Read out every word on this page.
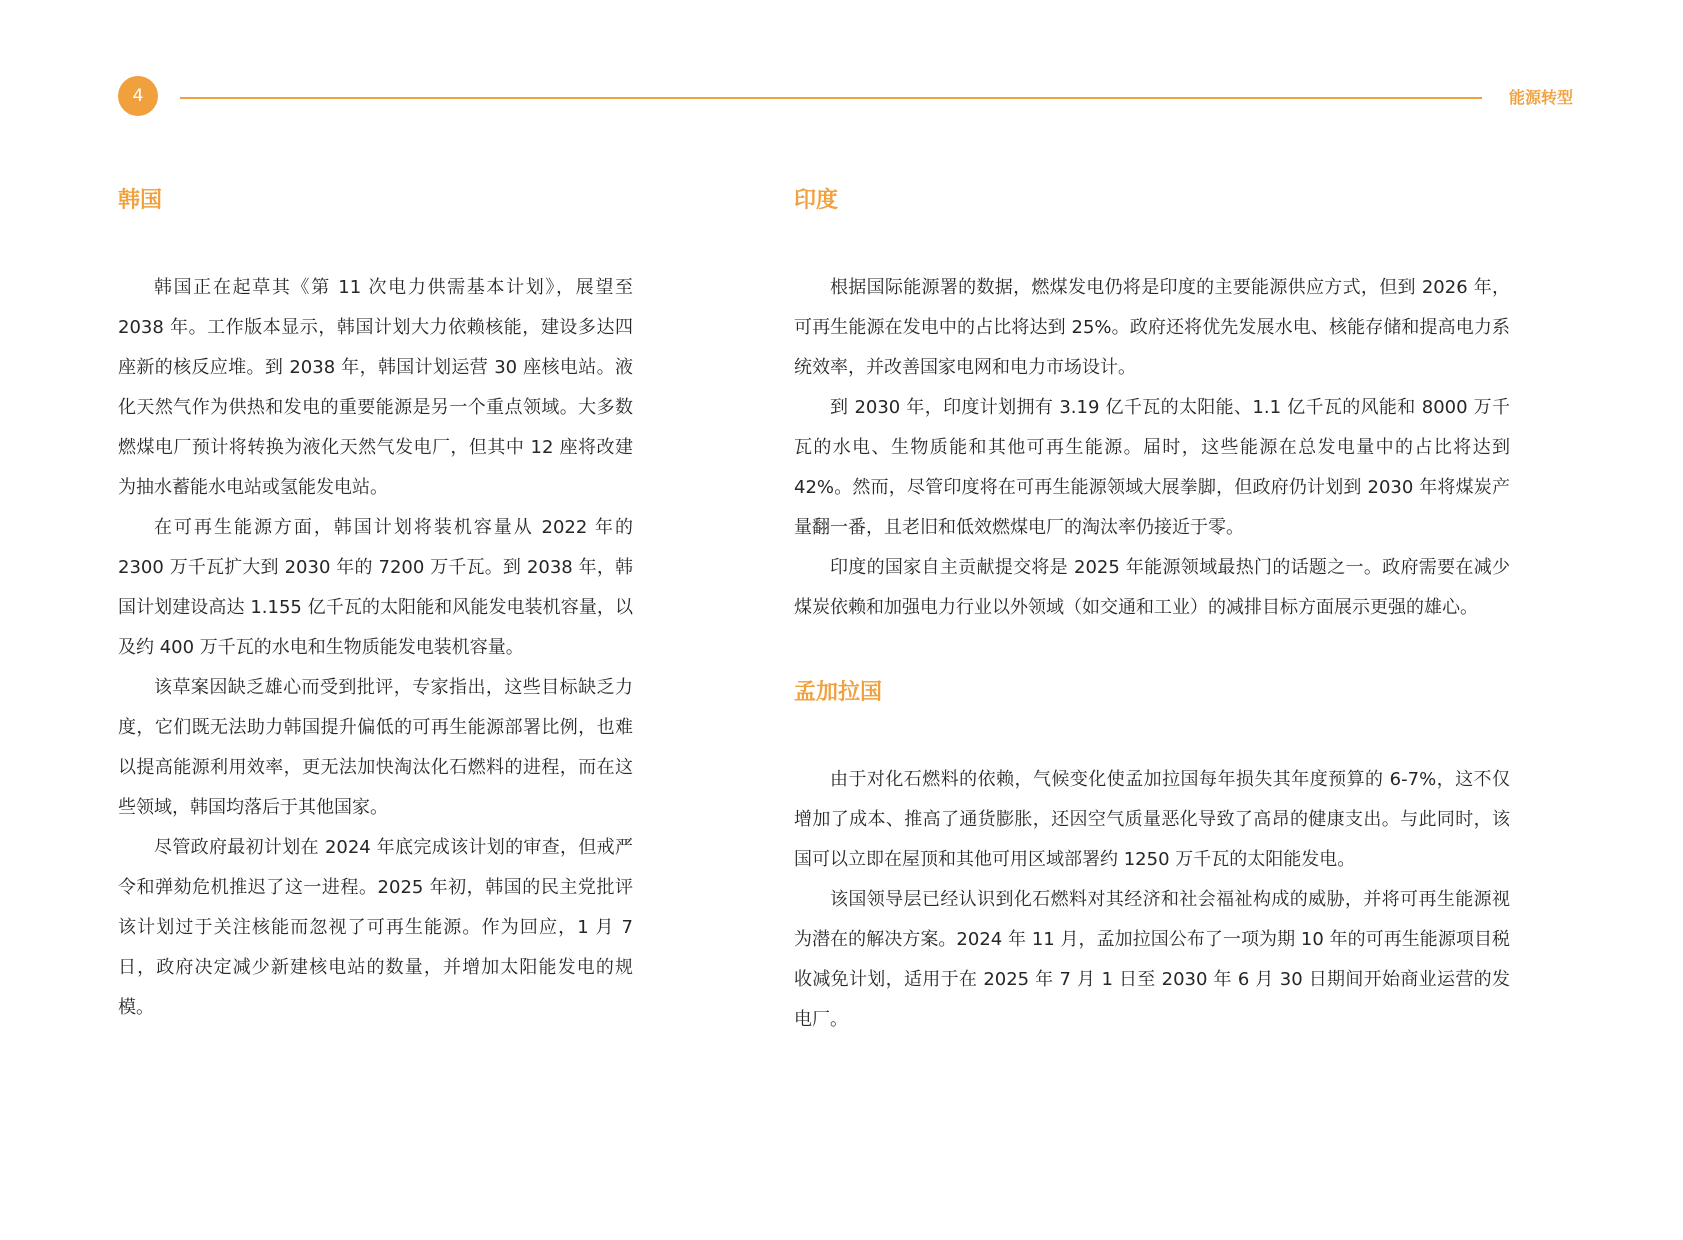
4	能源转型
韩国

韩国正在起草其《第 11 次电力供需基本计划》，展望至 2038 年。工作版本显示，韩国计划大力依赖核能，建设多达四座新的核反应堆。到 2038 年，韩国计划运营 30 座核电站。液化天然气作为供热和发电的重要能源是另一个重点领域。大多数燃煤电厂预计将转换为液化天然气发电厂，但其中 12 座将改建为抽水蓄能水电站或氢能发电站。

在可再生能源方面，韩国计划将装机容量从 2022 年的 2300 万千瓦扩大到 2030 年的 7200 万千瓦。到 2038 年，韩国计划建设高达 1.155 亿千瓦的太阳能和风能发电装机容量，以及约 400 万千瓦的水电和生物质能发电装机容量。

该草案因缺乏雄心而受到批评，专家指出，这些目标缺乏力度，它们既无法助力韩国提升偏低的可再生能源部署比例，也难以提高能源利用效率，更无法加快淘汰化石燃料的进程，而在这些领域，韩国均落后于其他国家。

尽管政府最初计划在 2024 年底完成该计划的审查，但戒严令和弹劾危机推迟了这一进程。2025 年初，韩国的民主党批评该计划过于关注核能而忽视了可再生能源。作为回应，1 月 7 日，政府决定减少新建核电站的数量，并增加太阳能发电的规模。

印度

根据国际能源署的数据，燃煤发电仍将是印度的主要能源供应方式，但到 2026 年，可再生能源在发电中的占比将达到 25%。政府还将优先发展水电、核能存储和提高电力系统效率，并改善国家电网和电力市场设计。

到 2030 年，印度计划拥有 3.19 亿千瓦的太阳能、1.1 亿千瓦的风能和 8000 万千瓦的水电、生物质能和其他可再生能源。届时，这些能源在总发电量中的占比将达到 42%。然而，尽管印度将在可再生能源领域大展拳脚，但政府仍计划到 2030 年将煤炭产量翻一番，且老旧和低效燃煤电厂的淘汰率仍接近于零。

印度的国家自主贡献提交将是 2025 年能源领域最热门的话题之一。政府需要在减少煤炭依赖和加强电力行业以外领域（如交通和工业）的减排目标方面展示更强的雄心。

孟加拉国

由于对化石燃料的依赖，气候变化使孟加拉国每年损失其年度预算的 6-7%，这不仅增加了成本、推高了通货膨胀，还因空气质量恶化导致了高昂的健康支出。与此同时，该国可以立即在屋顶和其他可用区域部署约 1250 万千瓦的太阳能发电。

该国领导层已经认识到化石燃料对其经济和社会福祉构成的威胁，并将可再生能源视为潜在的解决方案。2024 年 11 月，孟加拉国公布了一项为期 10 年的可再生能源项目税收减免计划，适用于在 2025 年 7 月 1 日至 2030 年 6 月 30 日期间开始商业运营的发电厂。
